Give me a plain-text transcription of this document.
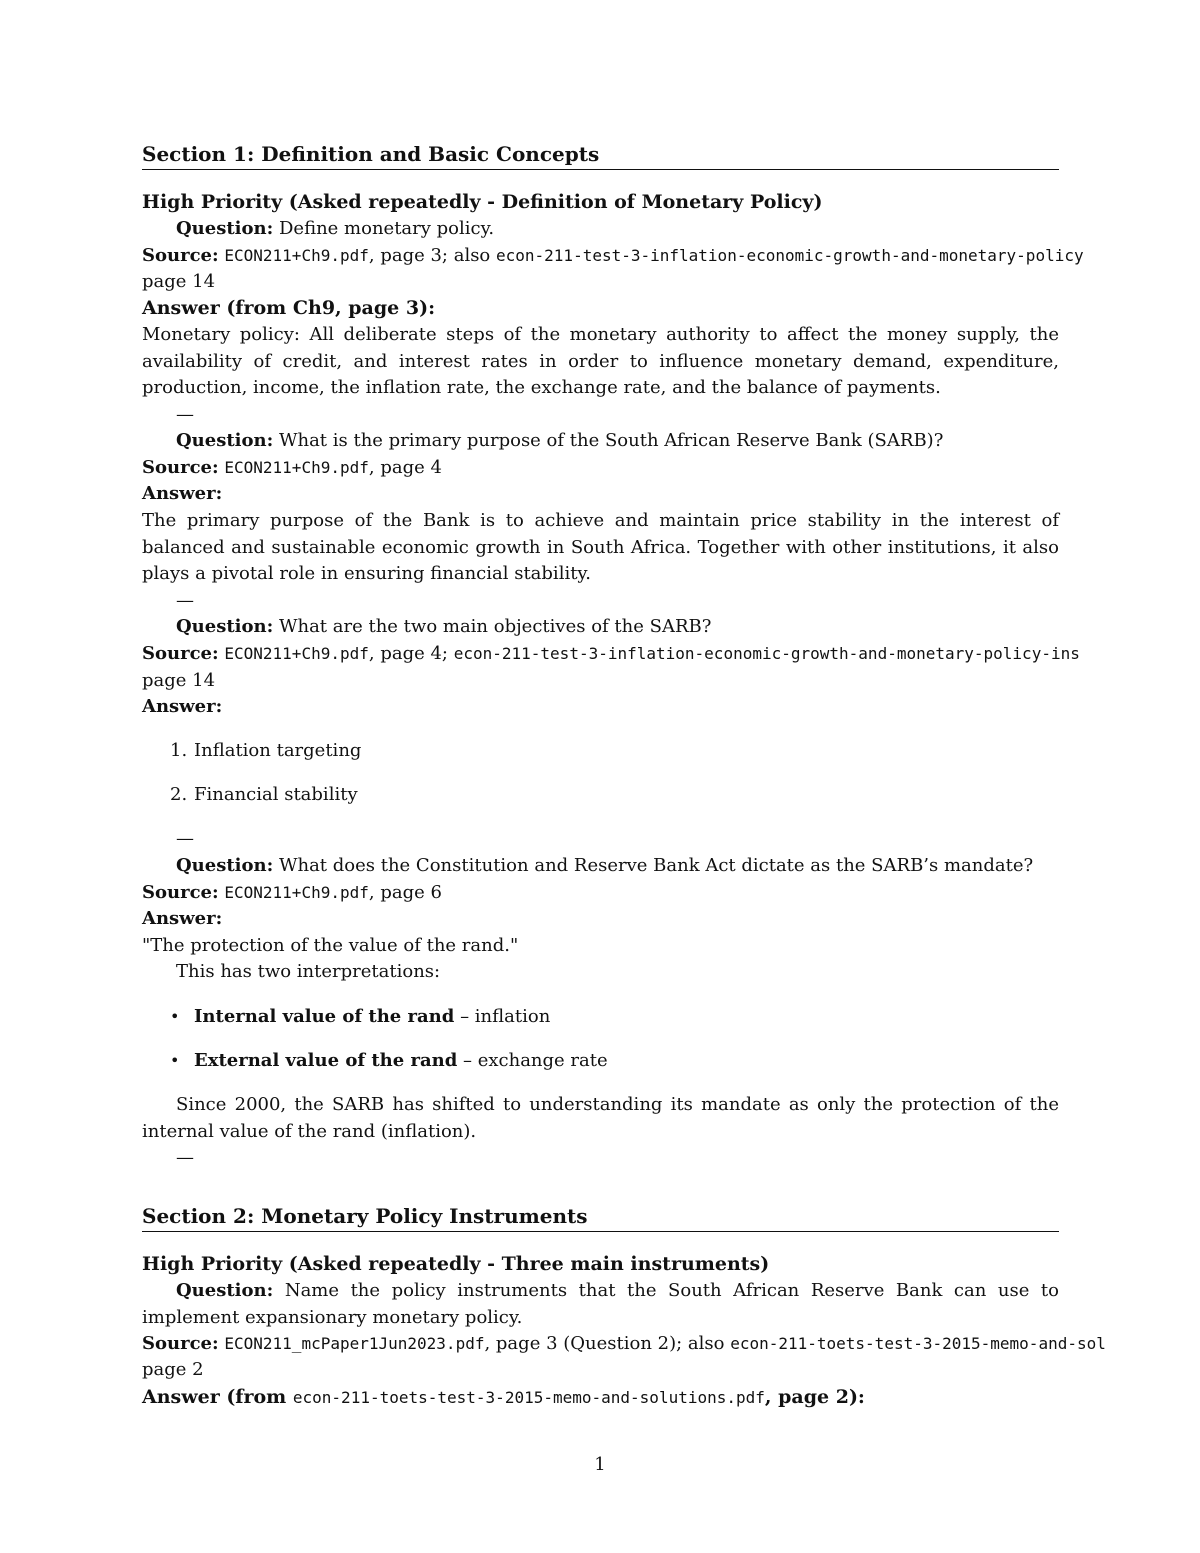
Section 1: Definition and Basic Concepts
High Priority (Asked repeatedly - Definition of Monetary Policy)
Question: Define monetary policy.
Source: ECON211+Ch9.pdf, page 3; also econ-211-test-3-inflation-economic-growth-and-monetary-policy
page 14
Answer (from Ch9, page 3):
Monetary policy: All deliberate steps of the monetary authority to affect the money supply, the availability of credit, and interest rates in order to influence monetary demand, expenditure, production, income, the inflation rate, the exchange rate, and the balance of payments.
—
Question: What is the primary purpose of the South African Reserve Bank (SARB)?
Source: ECON211+Ch9.pdf, page 4
Answer:
The primary purpose of the Bank is to achieve and maintain price stability in the interest of balanced and sustainable economic growth in South Africa. Together with other institutions, it also plays a pivotal role in ensuring financial stability.
—
Question: What are the two main objectives of the SARB?
Source: ECON211+Ch9.pdf, page 4; econ-211-test-3-inflation-economic-growth-and-monetary-policy-ins
page 14
Answer:
1. Inflation targeting
2. Financial stability
—
Question: What does the Constitution and Reserve Bank Act dictate as the SARB’s mandate?
Source: ECON211+Ch9.pdf, page 6
Answer:
"The protection of the value of the rand."
This has two interpretations:
• Internal value of the rand – inflation
• External value of the rand – exchange rate
Since 2000, the SARB has shifted to understanding its mandate as only the protection of the internal value of the rand (inflation).
—
Section 2: Monetary Policy Instruments
High Priority (Asked repeatedly - Three main instruments)
Question: Name the policy instruments that the South African Reserve Bank can use to implement expansionary monetary policy.
Source: ECON211_mcPaper1Jun2023.pdf, page 3 (Question 2); also econ-211-toets-test-3-2015-memo-and-sol
page 2
Answer (from econ-211-toets-test-3-2015-memo-and-solutions.pdf, page 2):
1
